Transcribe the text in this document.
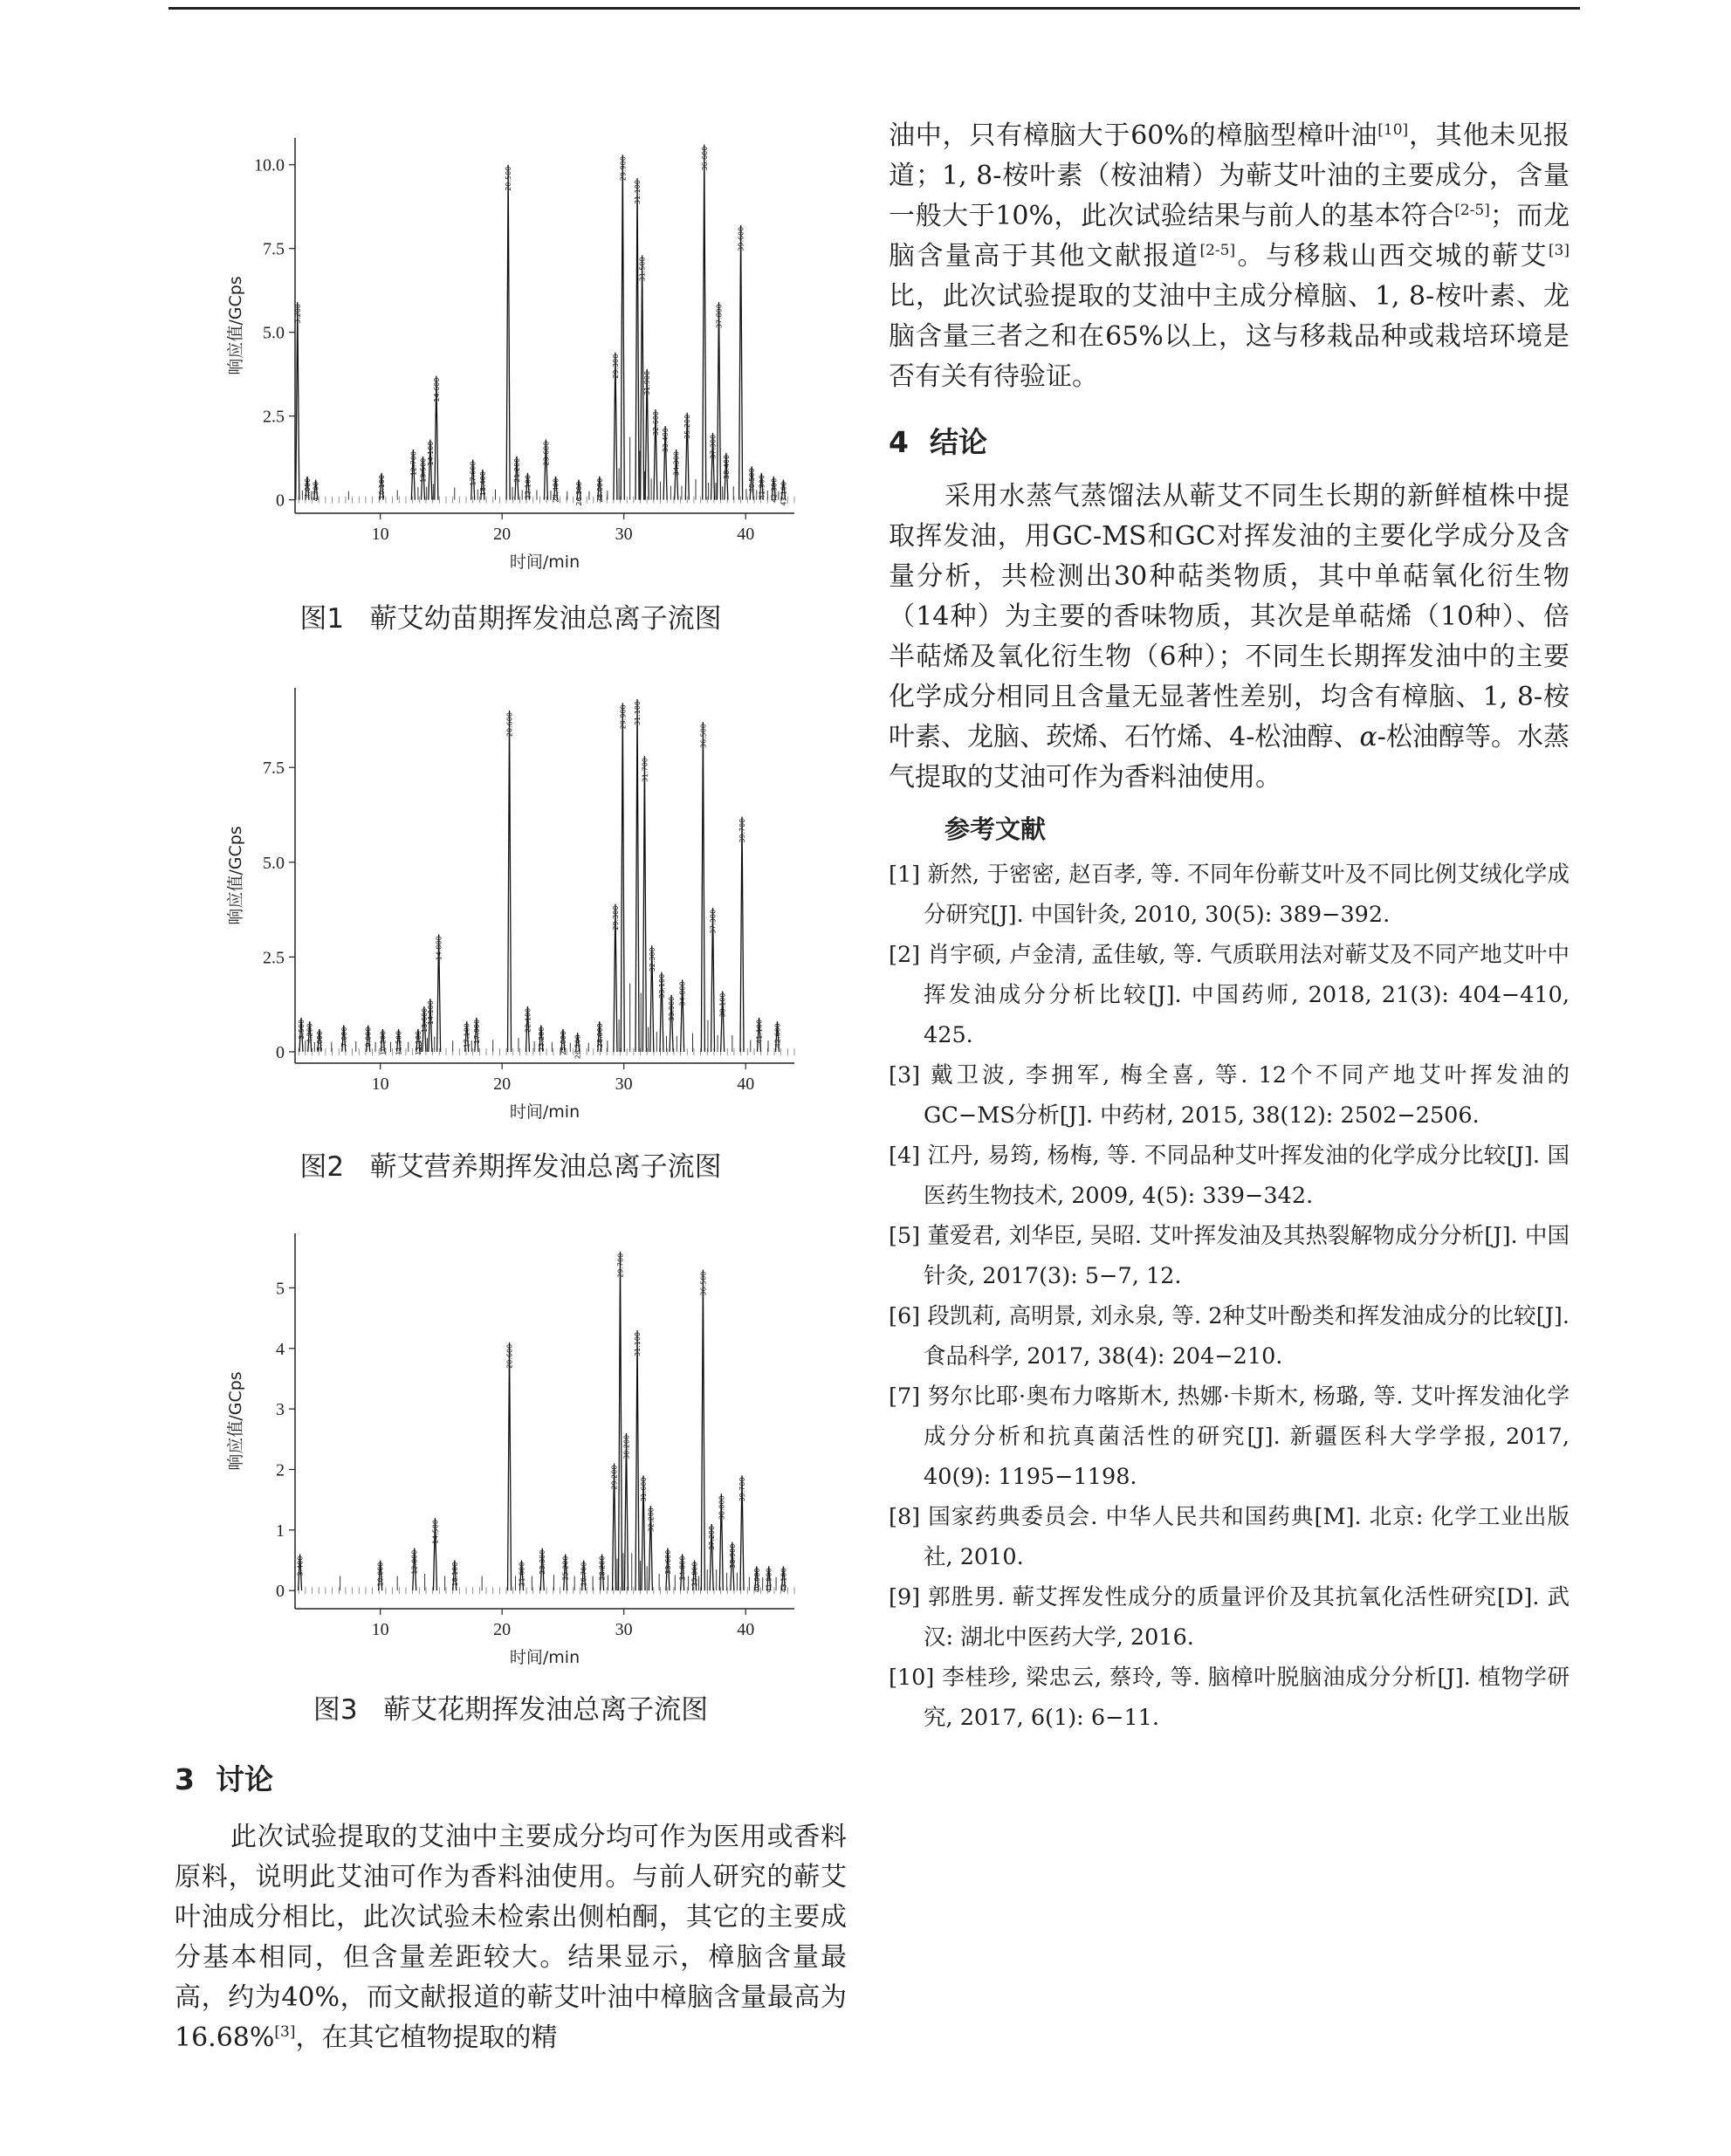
10	20	30	40
0
2.5
5.0
7.5
10.0
时间/min
响应值/GCps	3.200
4.000 4.700	10.100
12.700 13.500
14.100
14.600
17.600 18.400
20.500
21.200
22.100
23.600
24.400 26.300 28.000
29.300
29.900
31.100
31.500
31.900
32.600
33.400
34.300
35.200
36.600
37.300
37.800
38.400
39.600
40.500 41.300 42.300 43.100
图1 蕲艾幼苗期挥发油总离子流图
10	20	30	40
0
2.5
5.0
7.5
时间/min
响应值/GCps
3.500 4.200 5.000 7.000 9.000 10.200 11.500 13.100
13.600
14.100
14.800
17.100 17.900
20.600
22.100
23.200 25.000 26.200 28.000
29.300
29.900 31.100
31.700
32.300
33.100
33.900
34.800
36.500
37.300
38.100
39.700
41.100 42.600
图2 蕲艾营养期挥发油总离子流图
10	20	30	40
0
1
2
3
4
5
时间/min
响应值/GCps
3.400	10.000	12.800
14.500
16.100
20.600
21.600 23.300 25.200 26.700 28.200
29.200
29.700
30.200
31.100
31.600
32.200
33.600 34.800 35.800
36.500
37.200
38.000
38.900
39.700
40.900 41.900 43.100
图3 蕲艾花期挥发油总离子流图
3 讨论

此次试验提取的艾油中主要成分均可作为医用或香料原料，说明此艾油可作为香料油使用。与前人研究的蕲艾叶油成分相比，此次试验未检索出侧柏酮，其它的主要成分基本相同，但含量差距较大。结果显示，樟脑含量最高，约为40%，而文献报道的蕲艾叶油中樟脑含量最高为16.68%[3]，在其它植物提取的精

油中，只有樟脑大于60%的樟脑型樟叶油[10]，其他未见报道；1, 8-桉叶素（桉油精）为蕲艾叶油的主要成分，含量一般大于10%，此次试验结果与前人的基本符合[2-5]；而龙脑含量高于其他文献报道[2-5]。与移栽山西交城的蕲艾[3]比，此次试验提取的艾油中主成分樟脑、1, 8-桉叶素、龙脑含量三者之和在65%以上，这与移栽品种或栽培环境是否有关有待验证。

4 结论

采用水蒸气蒸馏法从蕲艾不同生长期的新鲜植株中提取挥发油，用GC-MS和GC对挥发油的主要化学成分及含量分析，共检测出30种萜类物质，其中单萜氧化衍生物（14种）为主要的香味物质，其次是单萜烯（10种）、倍半萜烯及氧化衍生物（6种）；不同生长期挥发油中的主要化学成分相同且含量无显著性差别，均含有樟脑、1, 8-桉叶素、龙脑、莰烯、石竹烯、4-松油醇、α-松油醇等。水蒸气提取的艾油可作为香料油使用。

参考文献
[1] 新然, 于密密, 赵百孝, 等. 不同年份蕲艾叶及不同比例艾绒化学成分研究[J]. 中国针灸, 2010, 30(5): 389−392.
[2] 肖宇硕, 卢金清, 孟佳敏, 等. 气质联用法对蕲艾及不同产地艾叶中挥发油成分分析比较[J]. 中国药师, 2018, 21(3): 404−410, 425.
[3] 戴卫波, 李拥军, 梅全喜, 等. 12个不同产地艾叶挥发油的GC−MS分析[J]. 中药材, 2015, 38(12): 2502−2506.
[4] 江丹, 易筠, 杨梅, 等. 不同品种艾叶挥发油的化学成分比较[J]. 国医药生物技术, 2009, 4(5): 339−342.
[5] 董爱君, 刘华臣, 吴昭. 艾叶挥发油及其热裂解物成分分析[J]. 中国针灸, 2017(3): 5−7, 12.
[6] 段凯莉, 高明景, 刘永泉, 等. 2种艾叶酚类和挥发油成分的比较[J]. 食品科学, 2017, 38(4): 204−210.
[7] 努尔比耶·奥布力喀斯木, 热娜·卡斯木, 杨璐, 等. 艾叶挥发油化学成分分析和抗真菌活性的研究[J]. 新疆医科大学学报, 2017, 40(9): 1195−1198.
[8] 国家药典委员会. 中华人民共和国药典[M]. 北京: 化学工业出版社, 2010.
[9] 郭胜男. 蕲艾挥发性成分的质量评价及其抗氧化活性研究[D]. 武汉: 湖北中医药大学, 2016.
[10] 李桂珍, 梁忠云, 蔡玲, 等. 脑樟叶脱脑油成分分析[J]. 植物学研究, 2017, 6(1): 6−11.
